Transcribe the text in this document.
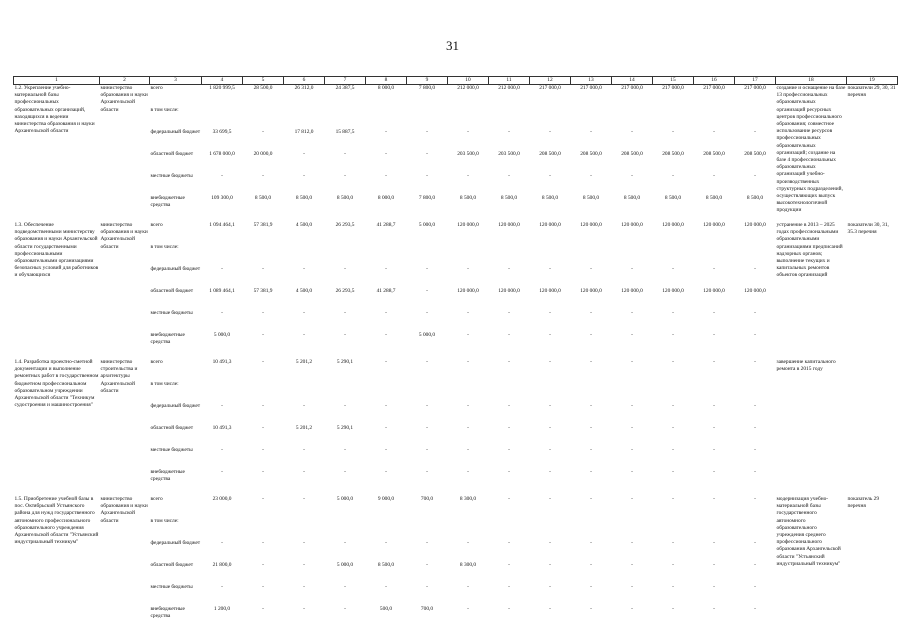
31
1	2	3	4	5	6	7	8	9	10	11	12	13	14	15	16	17	18	19
1.2. Укрепление учебно-материальной базы профессиональных образовательных организаций, находящихся в ведении министерства образования и науки Архангельской области	министерство образования и науки Архангельской области	всего	1 820 999,5	28 500,0	26 312,0	24 387,5	8 000,0	7 800,0	212 000,0	212 000,0	217 000,0	217 000,0	217 000,0	217 000,0	217 000,0	217 000,0	создание и оснащение на базе 13 профессиональных образовательных организаций ресурсных центров профессионального образования; совместное использование ресурсов профессиональных образовательных организаций; создание на базе 4 профессиональных образовательных организаций учебно-производственных структурных подразделений, осуществляющих выпуск высокотехнологичной продукции	показатели 29, 30, 31 перечня
		в том числе:																
		федеральный бюджет	33 699,5	-	17 812,0	15 887,5	-	-	-	-	-	-	-	-	-	-		
		областной бюджет	1 678 000,0	20 000,0	-	-	-	-	203 500,0	203 500,0	208 500,0	208 500,0	208 500,0	208 500,0	208 500,0	208 500,0		
		местные бюджеты	-	-	-	-	-	-	-	-	-	-	-	-	-	-		
		внебюджетные средства	109 300,0	8 500,0	8 500,0	8 500,0	8 000,0	7 800,0	8 500,0	8 500,0	8 500,0	8 500,0	8 500,0	8 500,0	8 500,0	8 500,0		

1.3. Обеспечение подведомственными министерству образования и науки Архангельской области государственными профессиональными образовательными организациями безопасных условий для работников и обучающихся	министерство образования и науки Архангельской области	всего	1 094 464,1	57 381,9	4 500,0	26 293,5	41 288,7	5 000,0	120 000,0	120 000,0	120 000,0	120 000,0	120 000,0	120 000,0	120 000,0	120 000,0	устранение в 2013 – 2025 годах профессиональными образовательными организациями предписаний надзорных органов; выполнение текущих и капитальных ремонтов объектов организаций	показатели 30, 31, 35.3 перечня
		в том числе:																
		федеральный бюджет	-	-	-	-	-	-	-	-	-	-	-	-	-	-		
		областной бюджет	1 089 464,1	57 381,9	4 500,0	26 293,5	41 288,7	-	120 000,0	120 000,0	120 000,0	120 000,0	120 000,0	120 000,0	120 000,0	120 000,0		
		местные бюджеты	-	-	-	-	-	-	-	-	-	-	-	-	-	-		
		внебюджетные средства	5 000,0	-	-	-	-	5 000,0	-	-	-	-	-	-	-	-		

1.4. Разработка проектно-сметной документации и выполнение ремонтных работ в государственном бюджетном профессиональном образовательном учреждении Архангельской области "Техникум судостроения и машиностроения"	министерство строительства и архитектуры Архангельской области	всего	10 491,3	-	5 201,2	5 290,1	-	-	-	-	-	-	-	-	-	-	завершение капитального ремонта в 2015 году	
		в том числе:																
		федеральный бюджет	-	-	-	-	-	-	-	-	-	-	-	-	-	-		
		областной бюджет	10 491,3	-	5 201,2	5 290,1	-	-	-	-	-	-	-	-	-	-		
		местные бюджеты	-	-	-	-	-	-	-	-	-	-	-	-	-	-		
		внебюджетные средства	-	-	-	-	-	-	-	-	-	-	-	-	-	-		

1.5. Приобретение учебной базы в пос. Октябрьский Устьянского района для нужд государственного автономного профессионального образовательного учреждения Архангельской области "Устьянский индустриальный техникум"	министерство образования и науки Архангельской области	всего	23 000,0	-	-	5 000,0	9 000,0	700,0	8 300,0	-	-	-	-	-	-	-	модернизация учебно-материальной базы государственного автономного образовательного учреждения среднего профессионального образования Архангельской области "Устьянский индустриальный техникум"	показатель 29 перечня
		в том числе:																
		федеральный бюджет	-	-	-	-	-	-	-	-	-	-	-	-	-	-		
		областной бюджет	21 800,0	-	-	5 000,0	8 500,0	-	8 300,0	-	-	-	-	-	-	-		
		местные бюджеты	-	-	-	-	-	-	-	-	-	-	-	-	-	-		
		внебюджетные средства	1 200,0	-	-	-	500,0	700,0	-	-	-	-	-	-	-	-		
